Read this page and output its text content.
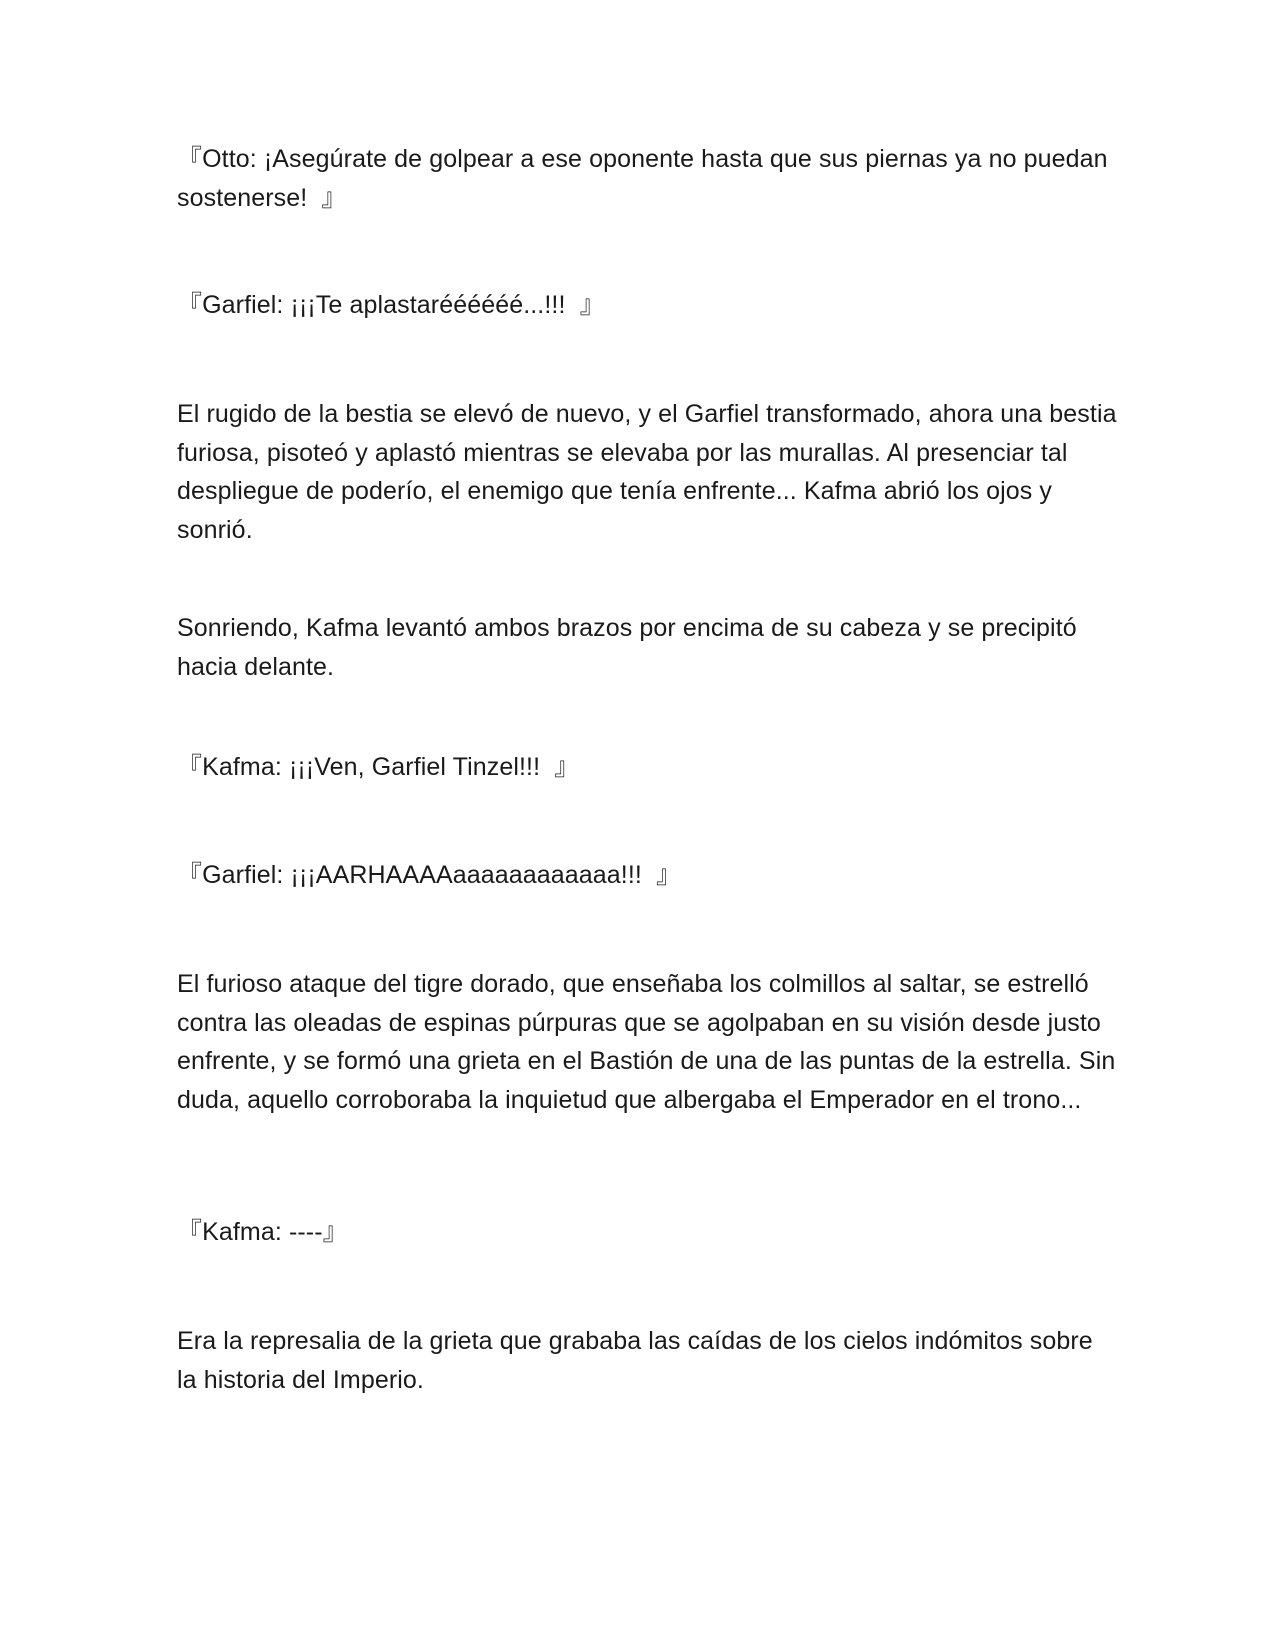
『Otto: ¡Asegúrate de golpear a ese oponente hasta que sus piernas ya no puedan sostenerse!  』

『Garfiel: ¡¡¡Te aplastaréééééé...!!!  』

El rugido de la bestia se elevó de nuevo, y el Garfiel transformado, ahora una bestia furiosa, pisoteó y aplastó mientras se elevaba por las murallas. Al presenciar tal despliegue de poderío, el enemigo que tenía enfrente... Kafma abrió los ojos y sonrió.

Sonriendo, Kafma levantó ambos brazos por encima de su cabeza y se precipitó hacia delante.

『Kafma: ¡¡¡Ven, Garfiel Tinzel!!!  』

『Garfiel: ¡¡¡AARHAAAAaaaaaaaaaaaa!!!  』

El furioso ataque del tigre dorado, que enseñaba los colmillos al saltar, se estrelló contra las oleadas de espinas púrpuras que se agolpaban en su visión desde justo enfrente, y se formó una grieta en el Bastión de una de las puntas de la estrella. Sin duda, aquello corroboraba la inquietud que albergaba el Emperador en el trono...

『Kafma: ----』

Era la represalia de la grieta que grababa las caídas de los cielos indómitos sobre la historia del Imperio.
